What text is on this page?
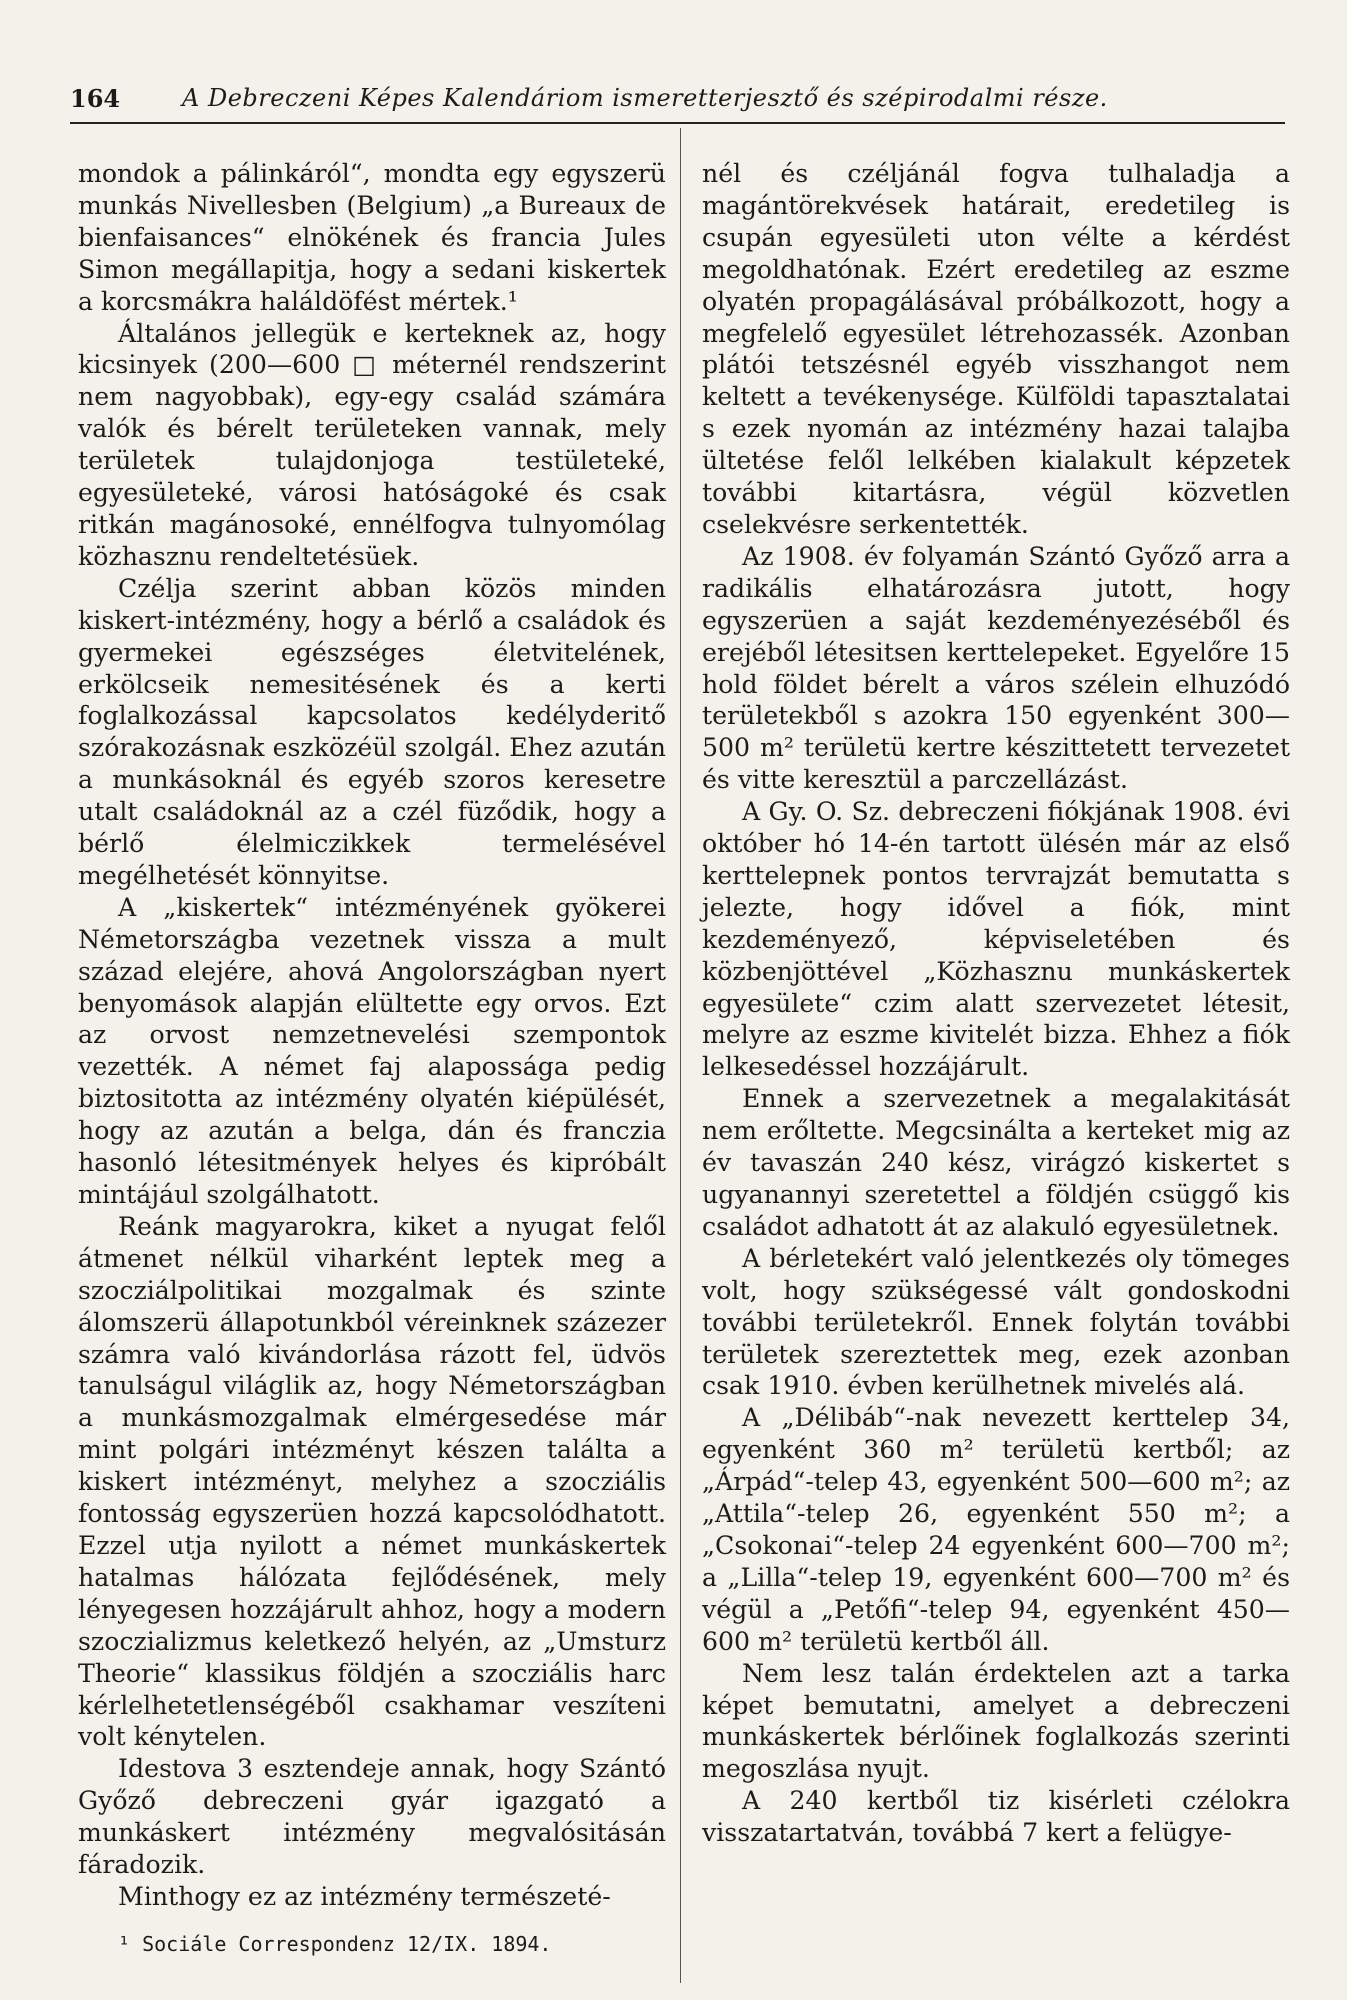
164	A Debreczeni Képes Kalendáriom ismeretterjesztő és szépirodalmi része.

mondok a pálinkáról“, mondta egy egyszerü munkás Nivellesben (Belgium) „a Bureaux de bienfaisances“ elnökének és francia Jules Simon megállapitja, hogy a sedani kiskertek a korcsmákra haláldöfést mértek.¹

Általános jellegük e kerteknek az, hogy kicsinyek (200—600 □ méternél rendszerint nem nagyobbak), egy-egy család számára valók és bérelt területeken vannak, mely területek tulajdonjoga testületeké, egyesületeké, városi hatóságoké és csak ritkán magánosoké, ennélfogva tulnyomólag közhasznu rendeltetésüek.

Czélja szerint abban közös minden kiskert-intézmény, hogy a bérlő a családok és gyermekei egészséges életvitelének, erkölcseik nemesitésének és a kerti foglalkozással kapcsolatos kedélyderitő szórakozásnak eszközéül szolgál. Ehez azután a munkásoknál és egyéb szoros keresetre utalt családoknál az a czél füződik, hogy a bérlő élelmiczikkek termelésével megélhetését könnyitse.

A „kiskertek“ intézményének gyökerei Németországba vezetnek vissza a mult század elejére, ahová Angolországban nyert benyomások alapján elültette egy orvos. Ezt az orvost nemzetnevelési szempontok vezették. A német faj alapossága pedig biztositotta az intézmény olyatén kiépülését, hogy az azután a belga, dán és franczia hasonló létesitmények helyes és kipróbált mintájául szolgálhatott.

Reánk magyarokra, kiket a nyugat felől átmenet nélkül viharként leptek meg a szocziálpolitikai mozgalmak és szinte álomszerü állapotunkból véreinknek százezer számra való kivándorlása rázott fel, üdvös tanulságul világlik az, hogy Németországban a munkásmozgalmak elmérgesedése már mint polgári intézményt készen találta a kiskert intézményt, melyhez a szocziális fontosság egyszerüen hozzá kapcsolódhatott. Ezzel utja nyilott a német munkáskertek hatalmas hálózata fejlődésének, mely lényegesen hozzájárult ahhoz, hogy a modern szoczializmus keletkező helyén, az „Umsturz Theorie“ klassikus földjén a szocziális harc kérlelhetetlenségéből csakhamar veszíteni volt kénytelen.

Idestova 3 esztendeje annak, hogy Szántó Győző debreczeni gyár igazgató a munkáskert intézmény megvalósitásán fáradozik.

Minthogy ez az intézmény természeté-

nél és czéljánál fogva tulhaladja a magántörekvések határait, eredetileg is csupán egyesületi uton vélte a kérdést megoldhatónak. Ezért eredetileg az eszme olyatén propagálásával próbálkozott, hogy a megfelelő egyesület létrehozassék. Azonban plátói tetszésnél egyéb visszhangot nem keltett a tevékenysége. Külföldi tapasztalatai s ezek nyomán az intézmény hazai talajba ültetése felől lelkében kialakult képzetek további kitartásra, végül közvetlen cselekvésre serkentették.

Az 1908. év folyamán Szántó Győző arra a radikális elhatározásra jutott, hogy egyszerüen a saját kezdeményezéséből és erejéből létesitsen kerttelepeket. Egyelőre 15 hold földet bérelt a város szélein elhuzódó területekből s azokra 150 egyenként 300—500 m² területü kertre készittetett tervezetet és vitte keresztül a parczellázást.

A Gy. O. Sz. debreczeni fiókjának 1908. évi október hó 14-én tartott ülésén már az első kerttelepnek pontos tervrajzát bemutatta s jelezte, hogy idővel a fiók, mint kezdeményező, képviseletében és közbenjöttével „Közhasznu munkáskertek egyesülete“ czim alatt szervezetet létesit, melyre az eszme kivitelét bizza. Ehhez a fiók lelkesedéssel hozzájárult.

Ennek a szervezetnek a megalakitását nem erőltette. Megcsinálta a kerteket mig az év tavaszán 240 kész, virágzó kiskertet s ugyanannyi szeretettel a földjén csüggő kis családot adhatott át az alakuló egyesületnek.

A bérletekért való jelentkezés oly tömeges volt, hogy szükségessé vált gondoskodni további területekről. Ennek folytán további területek szereztettek meg, ezek azonban csak 1910. évben kerülhetnek mivelés alá.

A „Délibáb“-nak nevezett kerttelep 34, egyenként 360 m² területü kertből; az „Árpád“-telep 43, egyenként 500—600 m²; az „Attila“-telep 26, egyenként 550 m²; a „Csokonai“-telep 24 egyenként 600—700 m²; a „Lilla“-telep 19, egyenként 600—700 m² és végül a „Petőfi“-telep 94, egyenként 450—600 m² területü kertből áll.

Nem lesz talán érdektelen azt a tarka képet bemutatni, amelyet a debreczeni munkáskertek bérlőinek foglalkozás szerinti megoszlása nyujt.

A 240 kertből tiz kisérleti czélokra visszatartatván, továbbá 7 kert a felügye-

¹ Sociále Correspondenz 12/IX. 1894.
